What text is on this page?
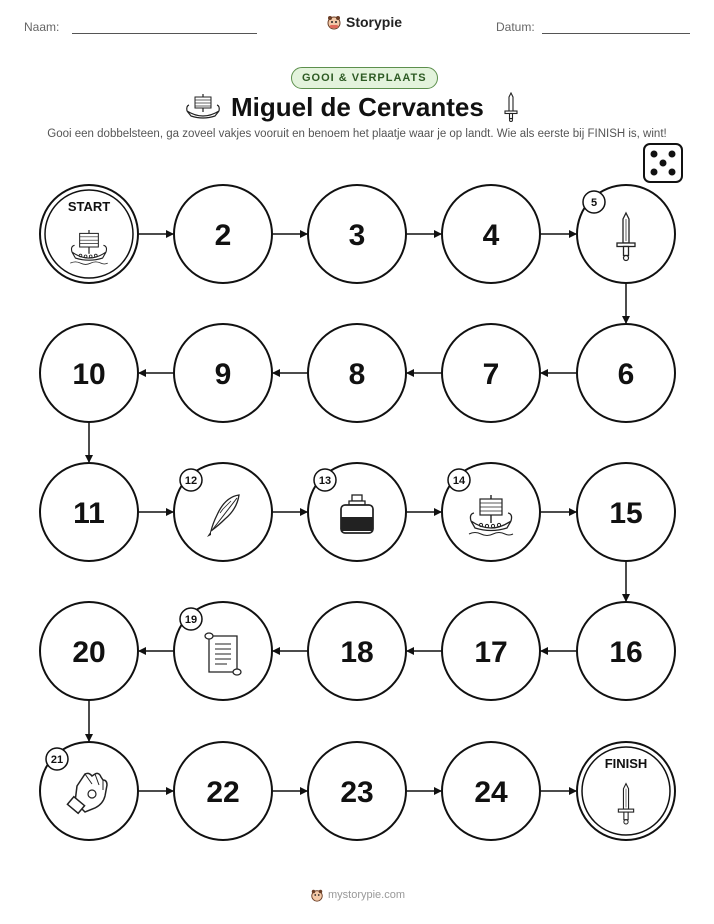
Naam:	Storypie	Datum:
GOOI & VERPLAATS
Miguel de Cervantes
Gooi een dobbelsteen, ga zoveel vakjes vooruit en benoem het plaatje waar je op landt. Wie als eerste bij FINISH is, wint!
START
2	3	4
5
6
7
8
9
10
11
12	13	14
15
16
17
18
19
20
21
22	23	24
FINISH
mystorypie.com
